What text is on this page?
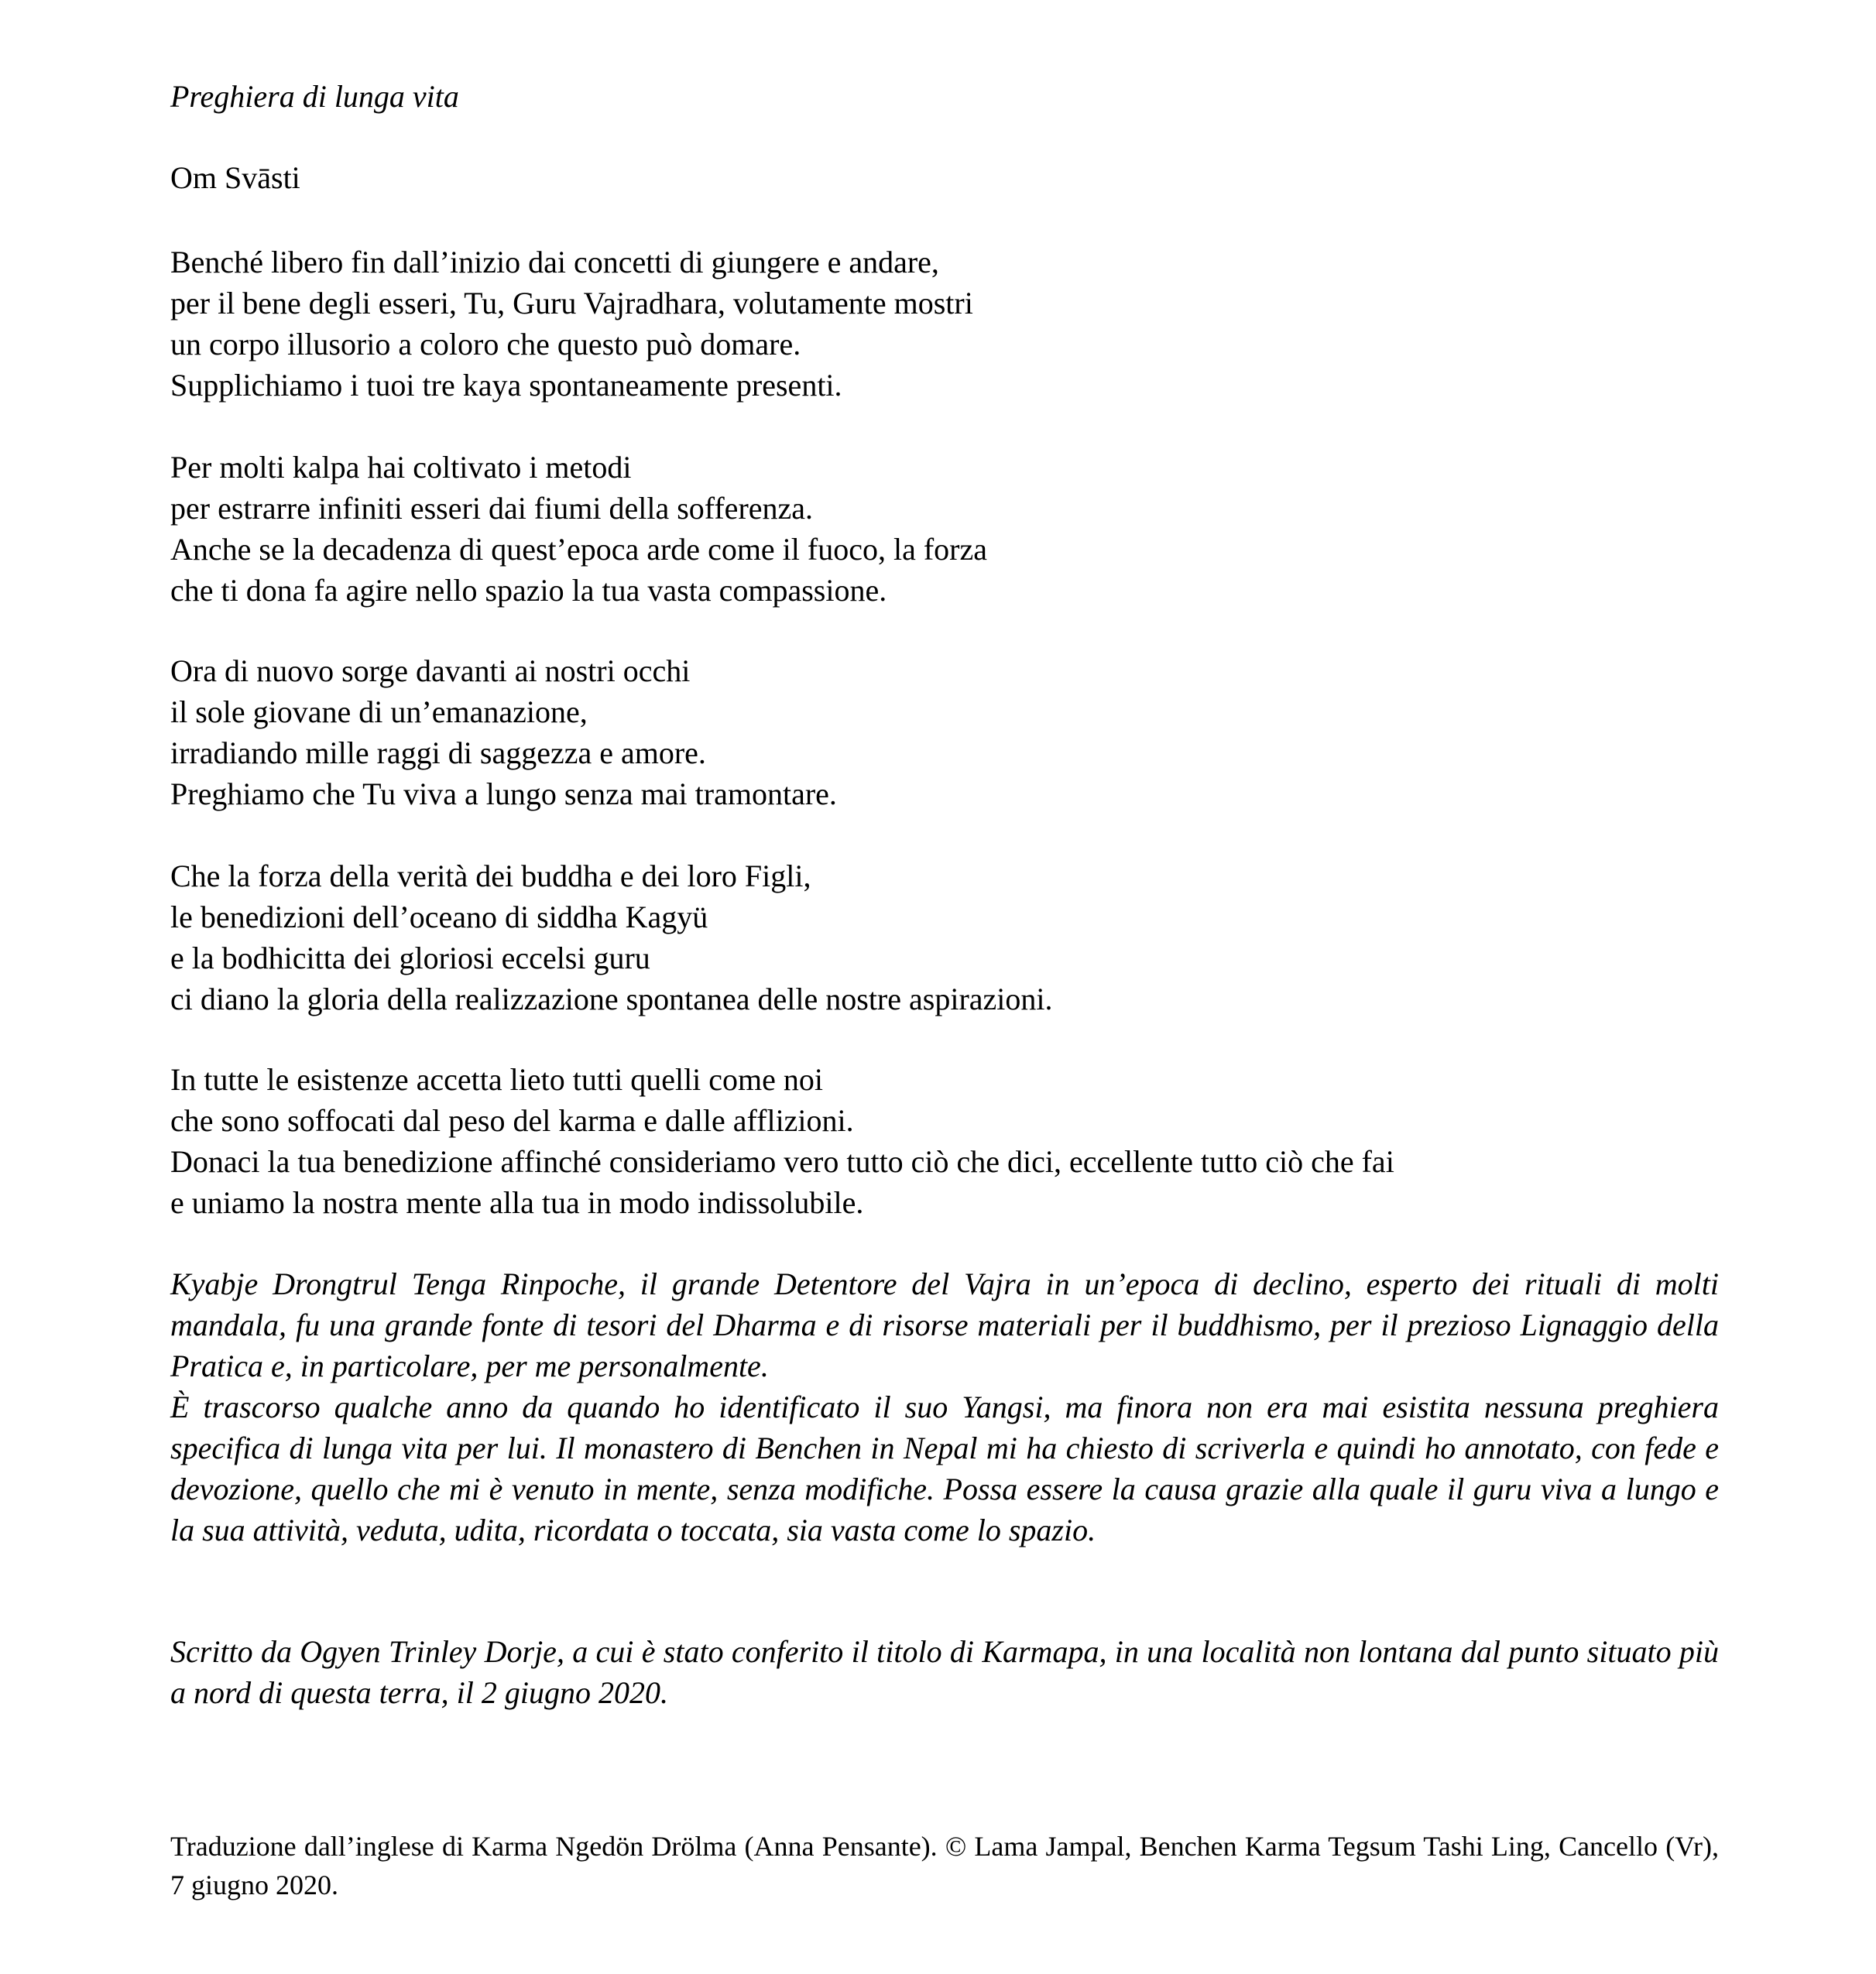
Preghiera di lunga vita
Om Svāsti
Benché libero fin dall’inizio dai concetti di giungere e andare,
per il bene degli esseri, Tu, Guru Vajradhara, volutamente mostri
un corpo illusorio a coloro che questo può domare.
Supplichiamo i tuoi tre kaya spontaneamente presenti.
Per molti kalpa hai coltivato i metodi
per estrarre infiniti esseri dai fiumi della sofferenza.
Anche se la decadenza di quest’epoca arde come il fuoco, la forza
che ti dona fa agire nello spazio la tua vasta compassione.
Ora di nuovo sorge davanti ai nostri occhi
il sole giovane di un’emanazione,
irradiando mille raggi di saggezza e amore.
Preghiamo che Tu viva a lungo senza mai tramontare.
Che la forza della verità dei buddha e dei loro Figli,
le benedizioni dell’oceano di siddha Kagyü
e la bodhicitta dei gloriosi eccelsi guru
ci diano la gloria della realizzazione spontanea delle nostre aspirazioni.
In tutte le esistenze accetta lieto tutti quelli come noi
che sono soffocati dal peso del karma e dalle afflizioni.
Donaci la tua benedizione affinché consideriamo vero tutto ciò che dici, eccellente tutto ciò che fai
e uniamo la nostra mente alla tua in modo indissolubile.

Kyabje Drongtrul Tenga Rinpoche, il grande Detentore del Vajra in un’epoca di declino, esperto dei rituali di molti mandala, fu una grande fonte di tesori del Dharma e di risorse materiali per il buddhismo, per il prezioso Lignaggio della Pratica e, in particolare, per me personalmente.

È trascorso qualche anno da quando ho identificato il suo Yangsi, ma finora non era mai esistita nessuna preghiera specifica di lunga vita per lui. Il monastero di Benchen in Nepal mi ha chiesto di scriverla e quindi ho annotato, con fede e devozione, quello che mi è venuto in mente, senza modifiche. Possa essere la causa grazie alla quale il guru viva a lungo e la sua attività, veduta, udita, ricordata o toccata, sia vasta come lo spazio.

Scritto da Ogyen Trinley Dorje, a cui è stato conferito il titolo di Karmapa, in una località non lontana dal punto situato più a nord di questa terra, il 2 giugno 2020.

Traduzione dall’inglese di Karma Ngedön Drölma (Anna Pensante). © Lama Jampal, Benchen Karma Tegsum Tashi Ling, Cancello (Vr), 7 giugno 2020.
